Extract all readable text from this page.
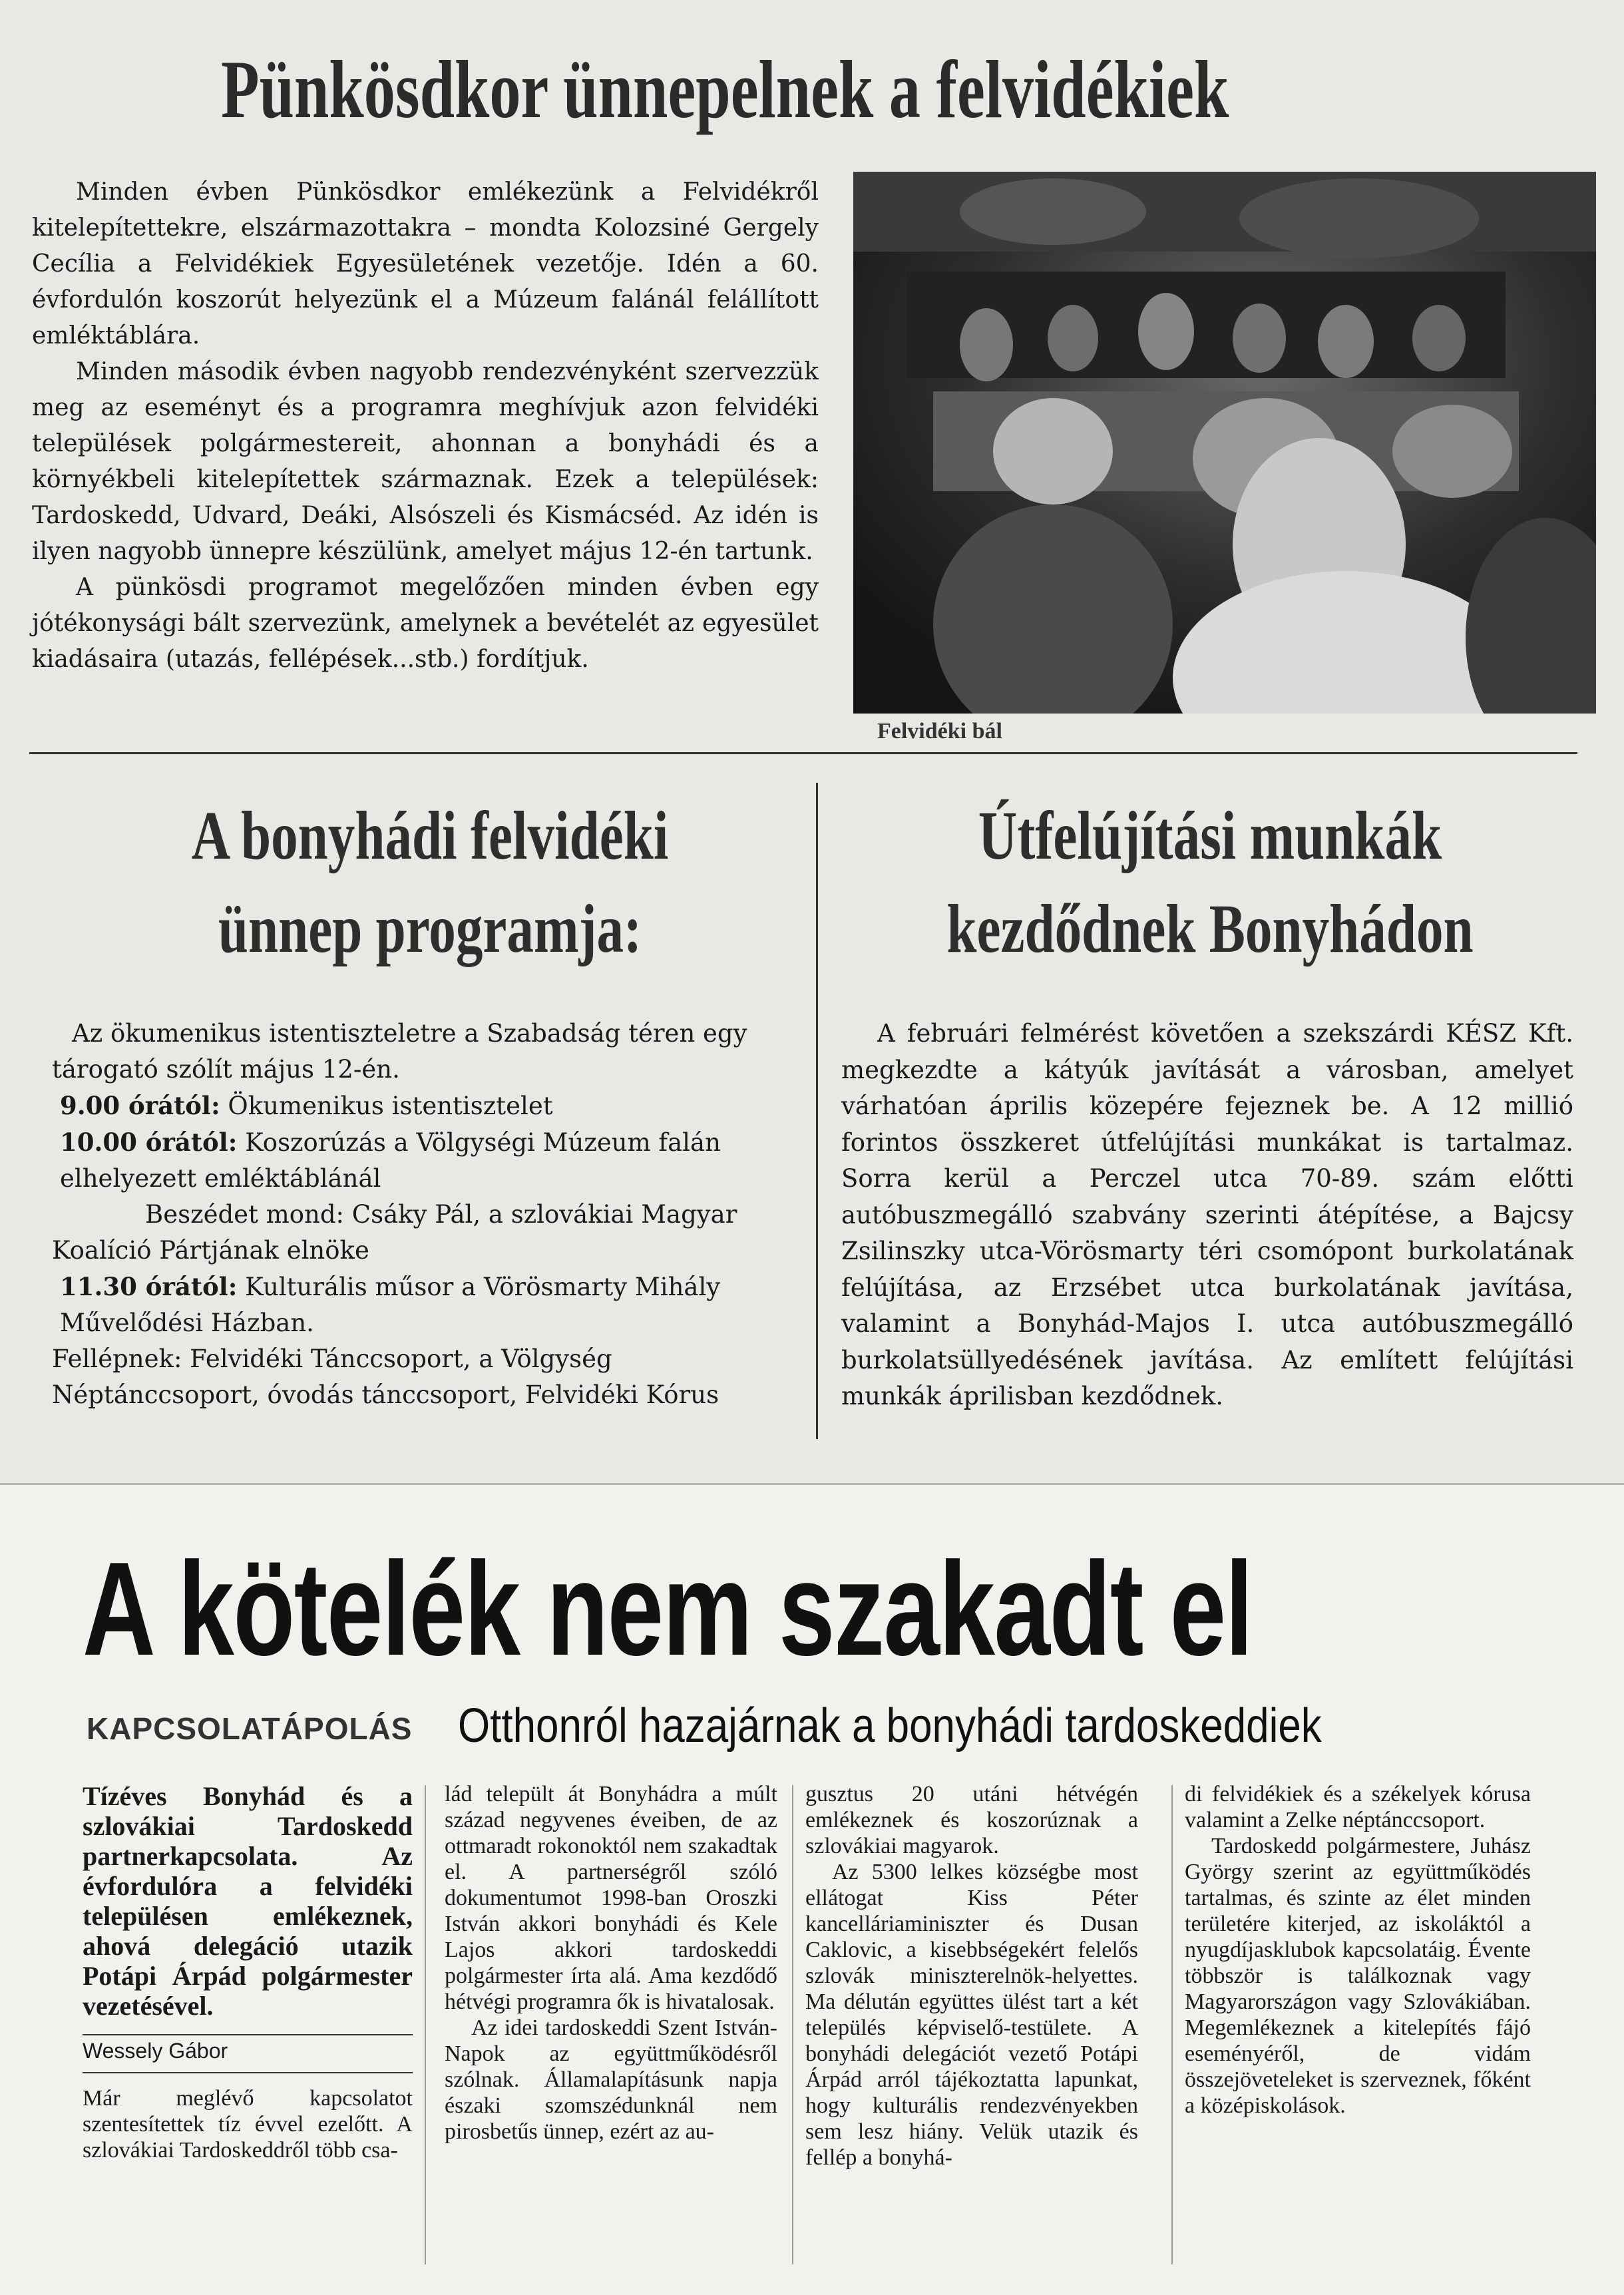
Pünkösdkor ünnepelnek a felvidékiek

Minden évben Pünkösdkor emlékezünk a Felvidékről kitelepítettekre, elszármazottakra – mondta Kolozsiné Gergely Cecília a Felvidékiek Egyesületének vezetője. Idén a 60. évfordulón koszorút helyezünk el a Múzeum falánál felállított emléktáblára.

Minden második évben nagyobb rendezvényként szervezzük meg az eseményt és a programra meghívjuk azon felvidéki települések polgármestereit, ahonnan a bonyhádi és a környékbeli kitelepítettek származnak. Ezek a települések: Tardoskedd, Udvard, Deáki, Alsószeli és Kismácséd. Az idén is ilyen nagyobb ünnepre készülünk, amelyet május 12-én tartunk.

A pünkösdi programot megelőzően minden évben egy jótékonysági bált szervezünk, amelynek a bevételét az egyesület kiadásaira (utazás, fellépések...stb.) fordítjuk.

Felvidéki bál
A bonyhádi felvidéki
ünnep programja:

Az ökumenikus istentiszteletre a Szabadság téren egy tárogató szólít május 12-én.

9.00 órától: Ökumenikus istentisztelet

10.00 órától: Koszorúzás a Völgységi Múzeum falán elhelyezett emléktáblánál

Beszédet mond: Csáky Pál, a szlovákiai Magyar Koalíció Pártjának elnöke

11.30 órától: Kulturális műsor a Vörösmarty Mihály Művelődési Házban.

Fellépnek: Felvidéki Tánccsoport, a Völgység Néptánccsoport, óvodás tánccsoport, Felvidéki Kórus

Útfelújítási munkák
kezdődnek Bonyhádon

A februári felmérést követően a szekszárdi KÉSZ Kft. megkezdte a kátyúk javítását a városban, amelyet várhatóan április közepére fejeznek be. A 12 millió forintos összkeret útfelújítási munkákat is tartalmaz. Sorra kerül a Perczel utca 70-89. szám előtti autóbuszmegálló szabvány szerinti átépítése, a Bajcsy Zsilinszky utca-Vörösmarty téri csomópont burkolatának felújítása, az Erzsébet utca burkolatának javítása, valamint a Bonyhád-Majos I. utca autóbuszmegálló burkolatsüllyedésének javítása. Az említett felújítási munkák áprilisban kezdődnek.

A kötelék nem szakadt el
KAPCSOLATÁPOLÁS Otthonról hazajárnak a bonyhádi tardoskeddiek

Tízéves Bonyhád és a szlovákiai Tardoskedd partnerkapcsolata. Az évfordulóra a felvidéki településen emlékeznek, ahová delegáció utazik Potápi Árpád polgármester vezetésével.

Wessely Gábor

Már meglévő kapcsolatot szentesítettek tíz évvel ezelőtt. A szlovákiai Tardoskeddről több csa-

lád települt át Bonyhádra a múlt század negyvenes éveiben, de az ottmaradt rokonoktól nem szakadtak el. A partnerségről szóló dokumentumot 1998-ban Oroszki István akkori bonyhádi és Kele Lajos akkori tardoskeddi polgármester írta alá. Ama kezdődő hétvégi programra ők is hivatalosak.

Az idei tardoskeddi Szent István-Napok az együttműködésről szólnak. Államalapításunk napja északi szomszédunknál nem pirosbetűs ünnep, ezért az au-

gusztus 20 utáni hétvégén emlékeznek és koszorúznak a szlovákiai magyarok.

Az 5300 lelkes községbe most ellátogat Kiss Péter kancelláriaminiszter és Dusan Caklovic, a kisebbségekért felelős szlovák miniszterelnök-helyettes. Ma délután együttes ülést tart a két település képviselő-testülete. A bonyhádi delegációt vezető Potápi Árpád arról tájékoztatta lapunkat, hogy kulturális rendezvényekben sem lesz hiány. Velük utazik és fellép a bonyhá-

di felvidékiek és a székelyek kórusa valamint a Zelke néptánccsoport.

Tardoskedd polgármestere, Juhász György szerint az együttműködés tartalmas, és szinte az élet minden területére kiterjed, az iskoláktól a nyugdíjasklubok kapcsolatáig. Évente többször is találkoznak vagy Magyarországon vagy Szlovákiában. Megemlékeznek a kitelepítés fájó eseményéről, de vidám összejöveteleket is szerveznek, főként a középiskolások.
